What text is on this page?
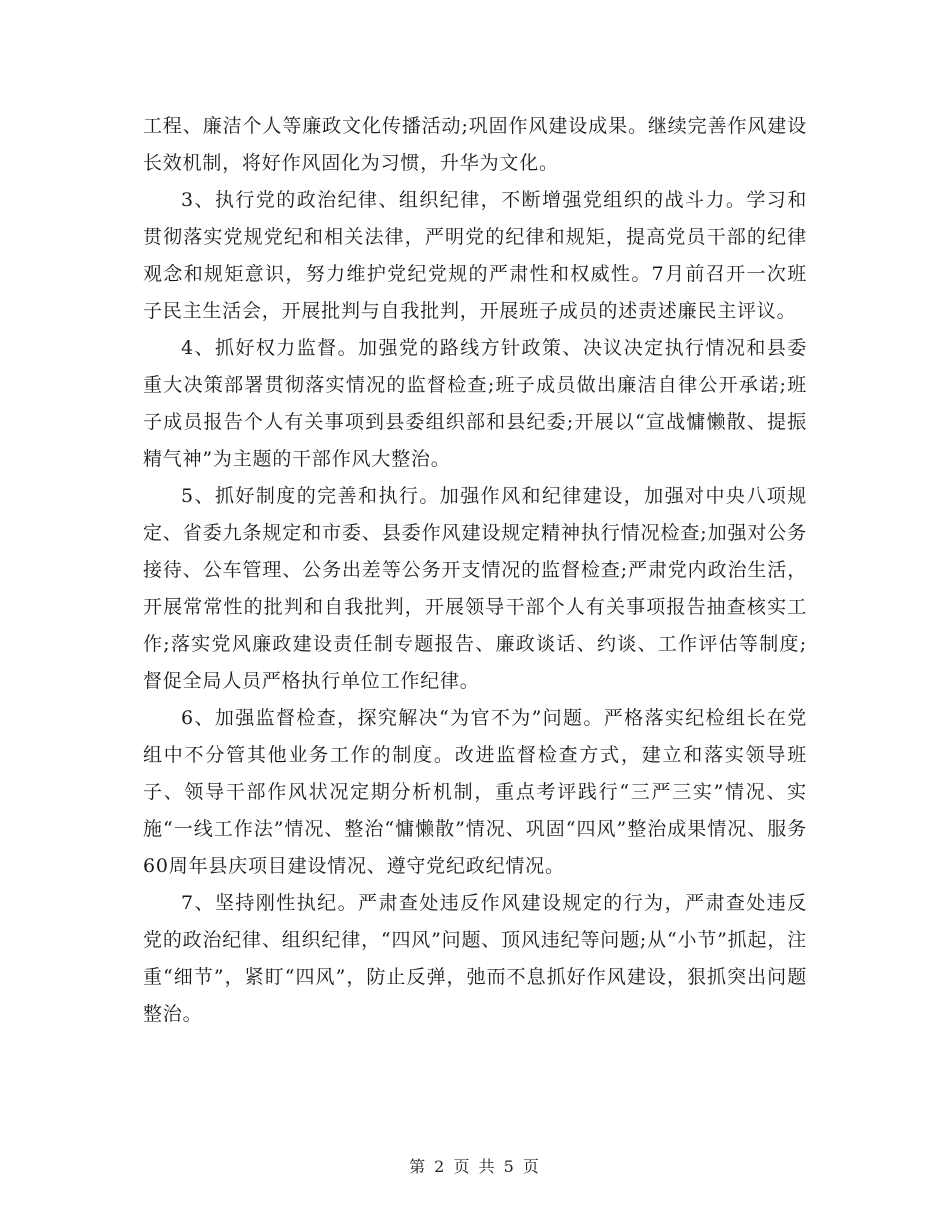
工程、廉洁个人等廉政文化传播活动;巩固作风建设成果。继续完善作风建设长效机制，将好作风固化为习惯，升华为文化。

3、执行党的政治纪律、组织纪律，不断增强党组织的战斗力。学习和贯彻落实党规党纪和相关法律，严明党的纪律和规矩，提高党员干部的纪律观念和规矩意识，努力维护党纪党规的严肃性和权威性。7月前召开一次班子民主生活会，开展批判与自我批判，开展班子成员的述责述廉民主评议。

4、抓好权力监督。加强党的路线方针政策、决议决定执行情况和县委重大决策部署贯彻落实情况的监督检查;班子成员做出廉洁自律公开承诺;班子成员报告个人有关事项到县委组织部和县纪委;开展以“宣战慵懒散、提振精气神”为主题的干部作风大整治。

5、抓好制度的完善和执行。加强作风和纪律建设，加强对中央八项规定、省委九条规定和市委、县委作风建设规定精神执行情况检查;加强对公务接待、公车管理、公务出差等公务开支情况的监督检查;严肃党内政治生活，开展常常性的批判和自我批判，开展领导干部个人有关事项报告抽查核实工作;落实党风廉政建设责任制专题报告、廉政谈话、约谈、工作评估等制度;督促全局人员严格执行单位工作纪律。

6、加强监督检查，探究解决“为官不为”问题。严格落实纪检组长在党组中不分管其他业务工作的制度。改进监督检查方式，建立和落实领导班子、领导干部作风状况定期分析机制，重点考评践行“三严三实”情况、实施“一线工作法”情况、整治“慵懒散”情况、巩固“四风”整治成果情况、服务60周年县庆项目建设情况、遵守党纪政纪情况。

7、坚持刚性执纪。严肃查处违反作风建设规定的行为，严肃查处违反党的政治纪律、组织纪律，“四风”问题、顶风违纪等问题;从“小节”抓起，注重“细节”，紧盯“四风”，防止反弹，弛而不息抓好作风建设，狠抓突出问题整治。

第 2 页 共 5 页
